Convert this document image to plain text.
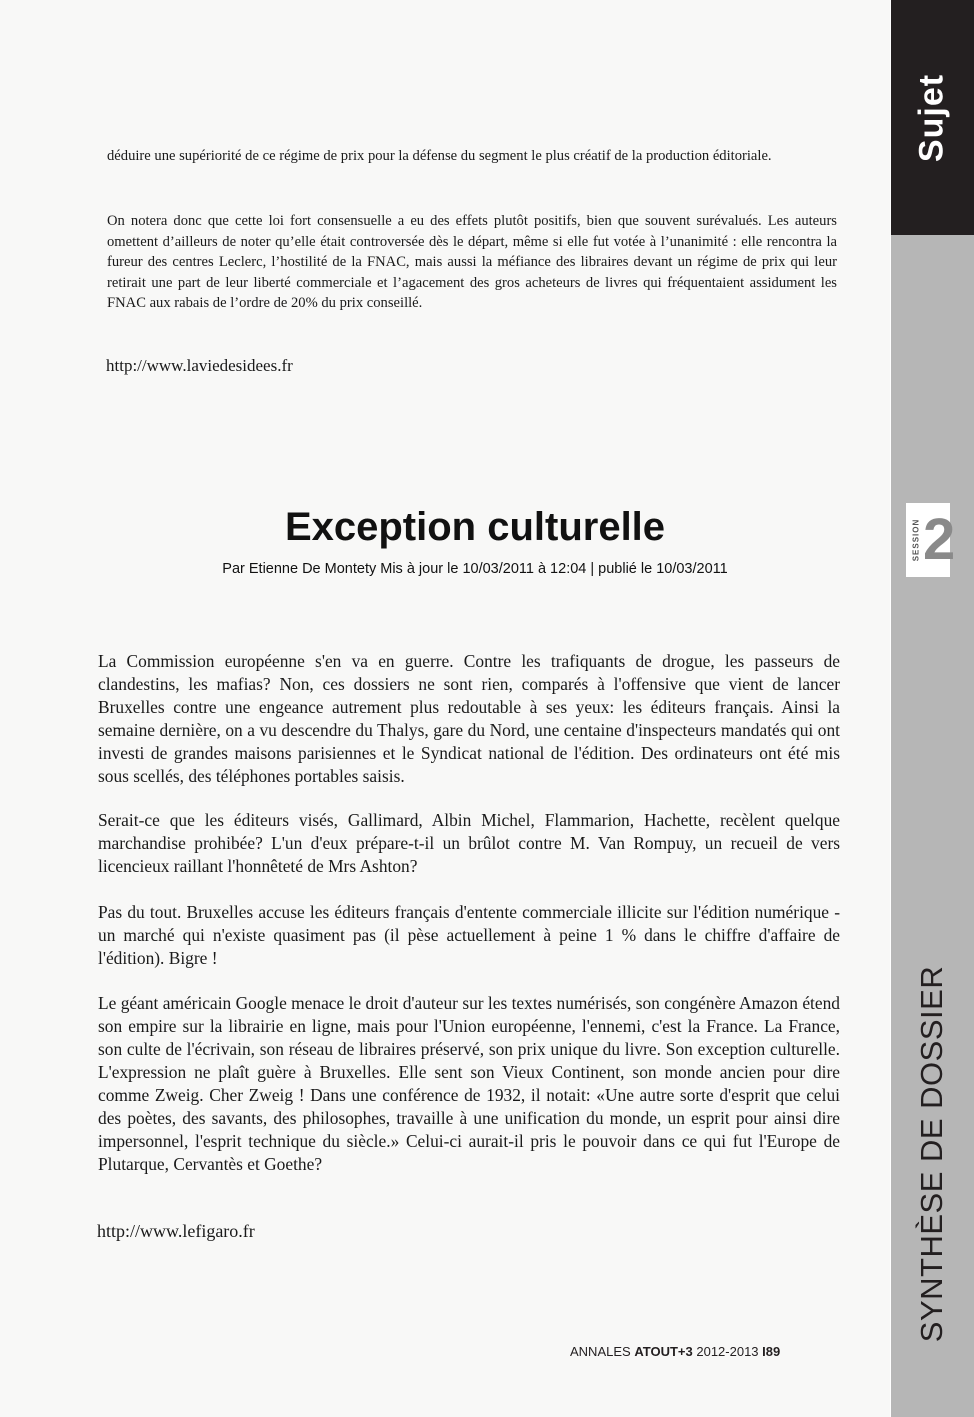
Sujet
SESSION 2
SYNTHÈSE DE DOSSIER

déduire une supériorité de ce régime de prix pour la défense du segment le plus créatif de la production éditoriale.

On notera donc que cette loi fort consensuelle a eu des effets plutôt positifs, bien que souvent surévalués. Les auteurs omettent d’ailleurs de noter qu’elle était controversée dès le départ, même si elle fut votée à l’unanimité : elle rencontra la fureur des centres Leclerc, l’hostilité de la FNAC, mais aussi la méfiance des libraires devant un régime de prix qui leur retirait une part de leur liberté commerciale et l’agacement des gros acheteurs de livres qui fréquentaient assidument les FNAC aux rabais de l’ordre de 20% du prix conseillé.

http://www.laviedesidees.fr

Exception culturelle

Par Etienne De Montety Mis à jour le 10/03/2011 à 12:04 | publié le 10/03/2011

La Commission européenne s'en va en guerre. Contre les trafiquants de drogue, les passeurs de clandestins, les mafias? Non, ces dossiers ne sont rien, comparés à l'offensive que vient de lancer Bruxelles contre une engeance autrement plus redoutable à ses yeux: les éditeurs français. Ainsi la semaine dernière, on a vu descendre du Thalys, gare du Nord, une centaine d'inspecteurs mandatés qui ont investi de grandes maisons parisiennes et le Syndicat national de l'édition. Des ordinateurs ont été mis sous scellés, des téléphones portables saisis.

Serait-ce que les éditeurs visés, Gallimard, Albin Michel, Flammarion, Hachette, recèlent quelque marchandise prohibée? L'un d'eux prépare-t-il un brûlot contre M. Van Rompuy, un recueil de vers licencieux raillant l'honnêteté de Mrs Ashton?

Pas du tout. Bruxelles accuse les éditeurs français d'entente commerciale illicite sur l'édition numérique - un marché qui n'existe quasiment pas (il pèse actuellement à peine 1 % dans le chiffre d'affaire de l'édition). Bigre !

Le géant américain Google menace le droit d'auteur sur les textes numérisés, son congénère Amazon étend son empire sur la librairie en ligne, mais pour l'Union européenne, l'ennemi, c'est la France. La France, son culte de l'écrivain, son réseau de libraires préservé, son prix unique du livre. Son exception culturelle. L'expression ne plaît guère à Bruxelles. Elle sent son Vieux Continent, son monde ancien pour dire comme Zweig. Cher Zweig ! Dans une conférence de 1932, il notait: «Une autre sorte d'esprit que celui des poètes, des savants, des philosophes, travaille à une unification du monde, un esprit pour ainsi dire impersonnel, l'esprit technique du siècle.» Celui-ci aurait-il pris le pouvoir dans ce qui fut l'Europe de Plutarque, Cervantès et Goethe?

http://www.lefigaro.fr

ANNALES ATOUT+3 2012-2013 I89
